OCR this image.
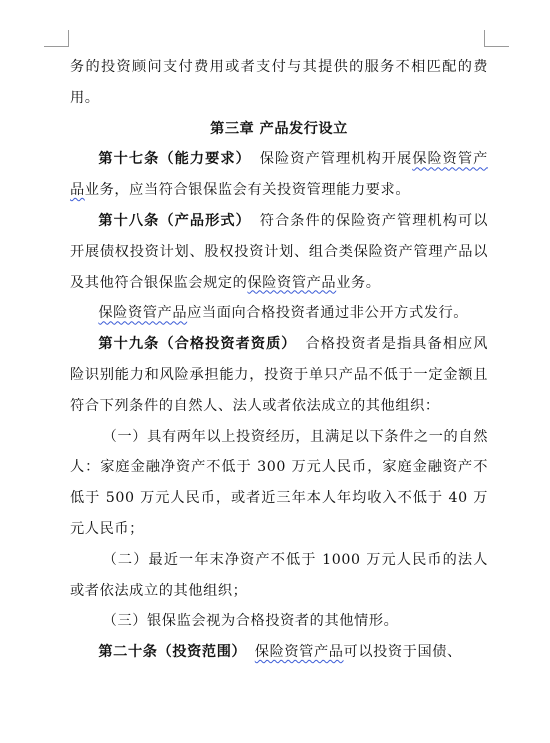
务的投资顾问支付费用或者支付与其提供的服务不相匹配的费用。

第三章 产品发行设立

第十七条（能力要求） 保险资产管理机构开展保险资管产品业务，应当符合银保监会有关投资管理能力要求。

第十八条（产品形式） 符合条件的保险资产管理机构可以开展债权投资计划、股权投资计划、组合类保险资产管理产品以及其他符合银保监会规定的保险资管产品业务。

保险资管产品应当面向合格投资者通过非公开方式发行。

第十九条（合格投资者资质） 合格投资者是指具备相应风险识别能力和风险承担能力，投资于单只产品不低于一定金额且符合下列条件的自然人、法人或者依法成立的其他组织：

（一）具有两年以上投资经历，且满足以下条件之一的自然人：家庭金融净资产不低于 300 万元人民币，家庭金融资产不低于 500 万元人民币，或者近三年本人年均收入不低于 40 万元人民币；

（二）最近一年末净资产不低于 1000 万元人民币的法人或者依法成立的其他组织；

（三）银保监会视为合格投资者的其他情形。

第二十条（投资范围） 保险资管产品可以投资于国债、
